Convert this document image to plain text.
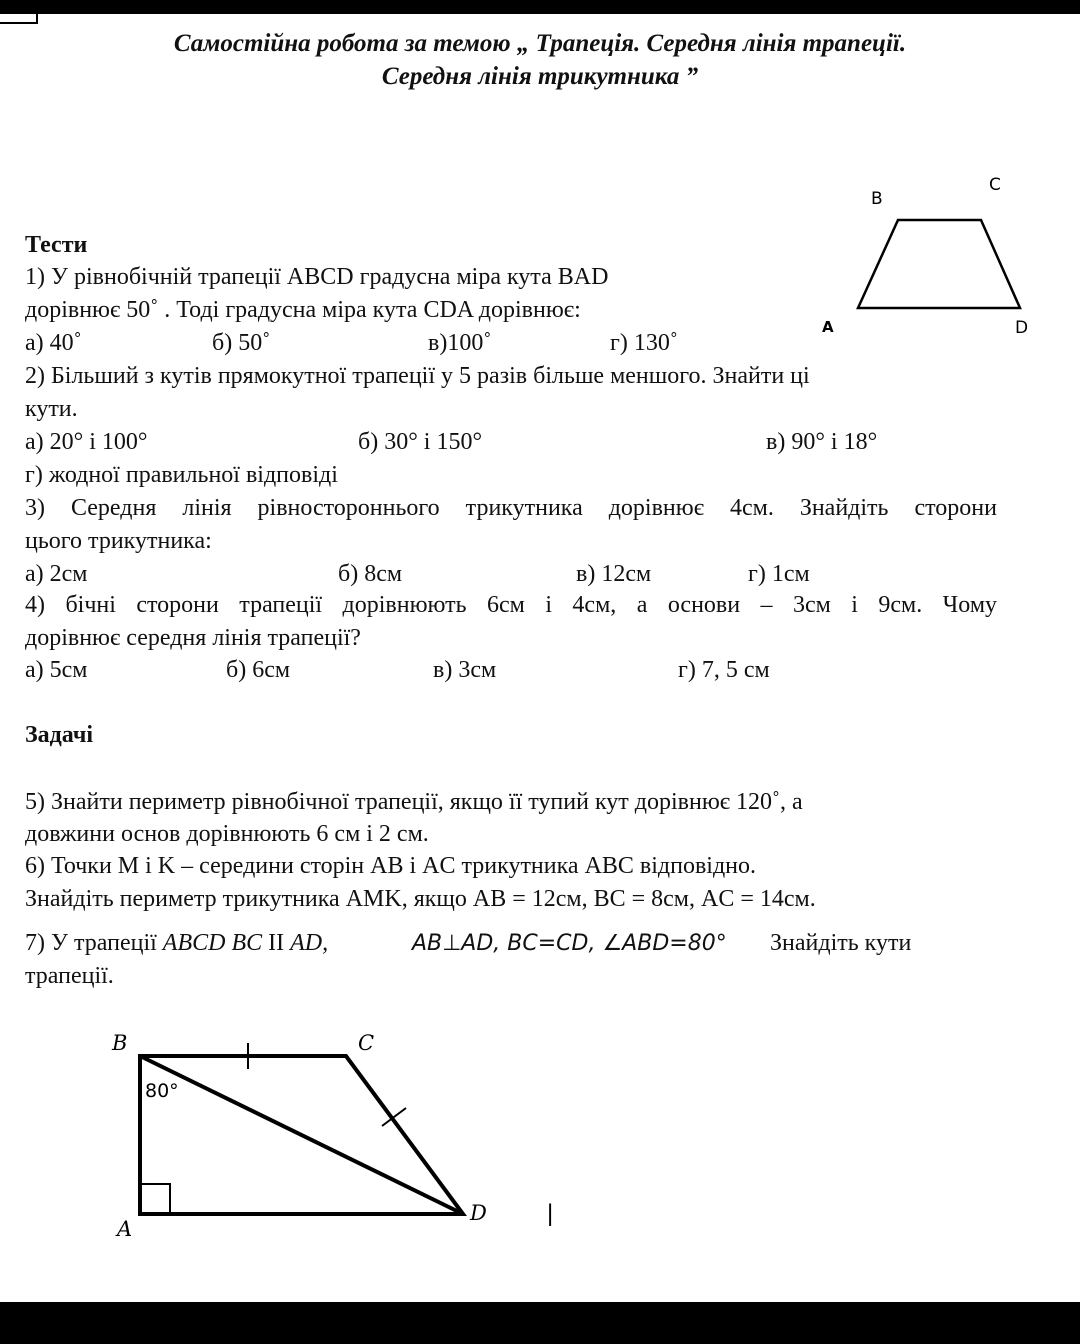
Самостійна робота за темою „ Трапеція. Середня лінія трапеції.
Середня лінія трикутника ”
Тести
1) У рівнобічній трапеції ABCD градусна міра кута BAD
дорівнює 50˚ . Тоді градусна міра кута CDA дорівнює:
а) 40˚	б) 50˚	в)100˚	г) 130˚
2) Більший з кутів прямокутної трапеції у 5 разів більше меншого. Знайти ці
кути.
а) 20° і 100°	б) 30° і 150°	в) 90° і 18°
г) жодної правильної відповіді
3) Середня лінія рівностороннього трикутника дорівнює 4см. Знайдіть сторони
цього трикутника:
а) 2см	б) 8см	в) 12см	г) 1см
4) бічні сторони трапеції дорівнюють 6см і 4см, а основи – 3см і 9см. Чому
дорівнює середня лінія трапеції?
а) 5см	б) 6см	в) 3см	г) 7, 5 см
Задачі
5) Знайти периметр рівнобічної трапеції, якщо її тупий кут дорівнює 120˚, а
довжини основ дорівнюють 6 см і 2 см.
6) Точки M і K – середини сторін AB і AC трикутника ABC відповідно.
Знайдіть периметр трикутника AMK, якщо AB = 12см, BC = 8см, AC = 14см.
7) У трапеції ABCD BC ІІ AD,	AB⊥AD, BC=CD, ∠ABD=80° Знайдіть кути
трапеції.
B
C
A	D
B	C
A
D
80°
|
